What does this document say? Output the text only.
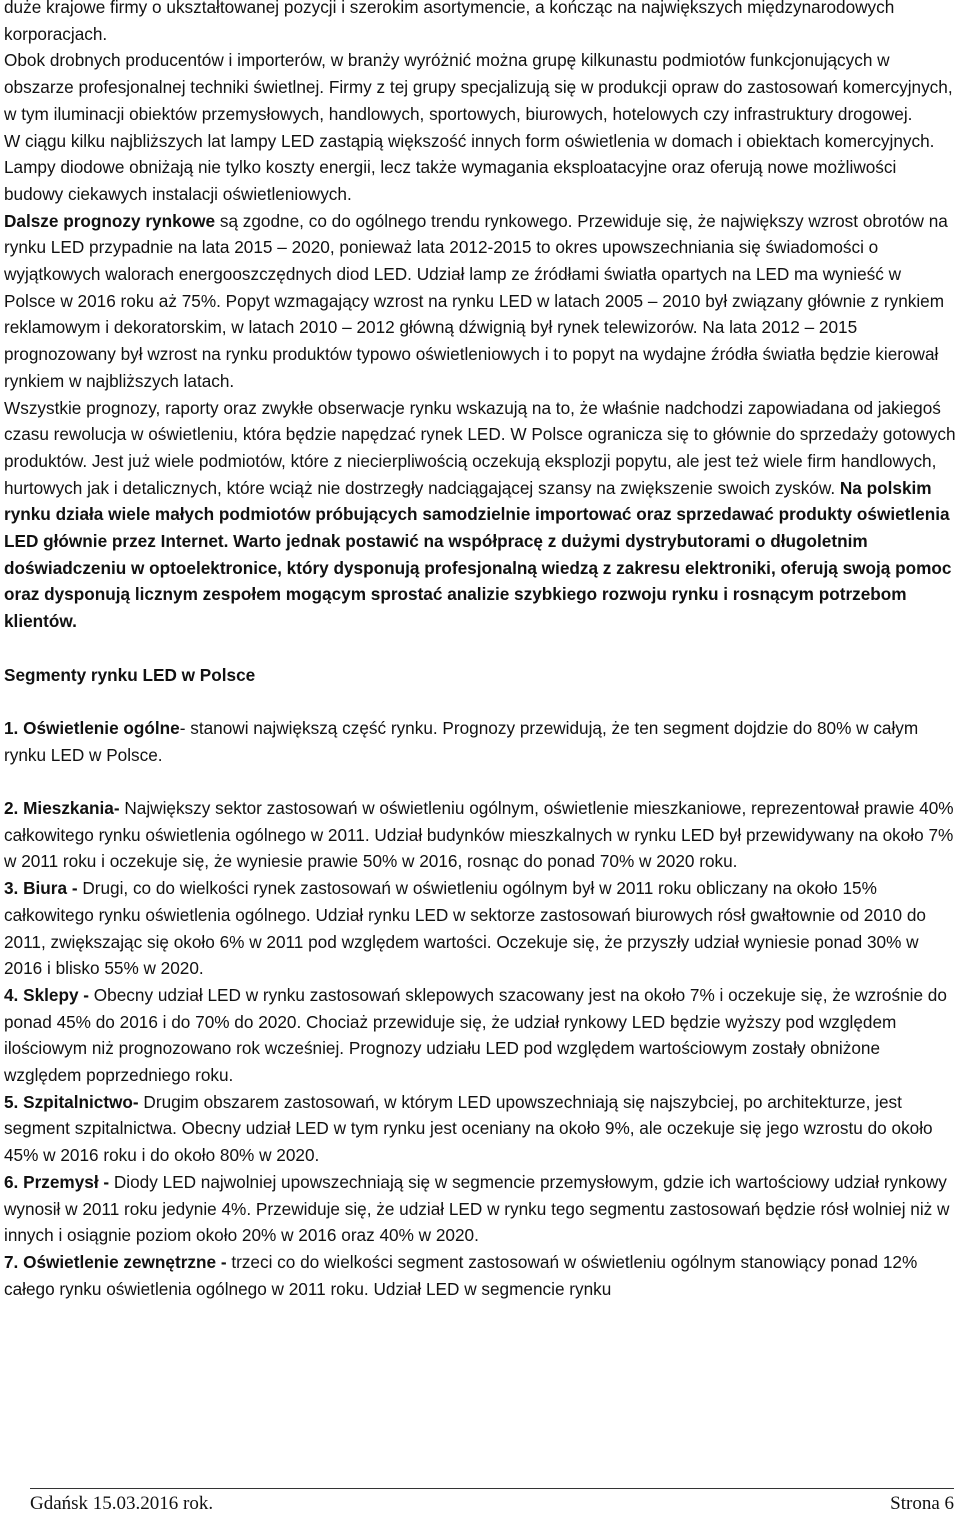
duże krajowe firmy o ukształtowanej pozycji i szerokim asortymencie, a kończąc na największych międzynarodowych korporacjach.

Obok drobnych producentów i importerów, w branży wyróżnić można grupę kilkunastu podmiotów funkcjonujących w obszarze profesjonalnej techniki świetlnej. Firmy z tej grupy specjalizują się w produkcji opraw do zastosowań komercyjnych, w tym iluminacji obiektów przemysłowych, handlowych, sportowych, biurowych, hotelowych czy infrastruktury drogowej.

W ciągu kilku najbliższych lat lampy LED zastąpią większość innych form oświetlenia w domach i obiektach komercyjnych. Lampy diodowe obniżają nie tylko koszty energii, lecz także wymagania eksploatacyjne oraz oferują nowe możliwości budowy ciekawych instalacji oświetleniowych.

Dalsze prognozy rynkowe są zgodne, co do ogólnego trendu rynkowego. Przewiduje się, że największy wzrost obrotów na rynku LED przypadnie na lata 2015 – 2020, ponieważ lata 2012-2015 to okres upowszechniania się świadomości o wyjątkowych walorach energooszczędnych diod LED. Udział lamp ze źródłami światła opartych na LED ma wynieść w Polsce w 2016 roku aż 75%. Popyt wzmagający wzrost na rynku LED w latach 2005 – 2010 był związany głównie z rynkiem reklamowym i dekoratorskim, w latach 2010 – 2012 główną dźwignią był rynek telewizorów. Na lata 2012 – 2015 prognozowany był wzrost na rynku produktów typowo oświetleniowych i to popyt na wydajne źródła światła będzie kierował rynkiem w najbliższych latach.

Wszystkie prognozy, raporty oraz zwykłe obserwacje rynku wskazują na to, że właśnie nadchodzi zapowiadana od jakiegoś czasu rewolucja w oświetleniu, która będzie napędzać rynek LED. W Polsce ogranicza się to głównie do sprzedaży gotowych produktów. Jest już wiele podmiotów, które z niecierpliwością oczekują eksplozji popytu, ale jest też wiele firm handlowych, hurtowych jak i detalicznych, które wciąż nie dostrzegły nadciągającej szansy na zwiększenie swoich zysków. Na polskim rynku działa wiele małych podmiotów próbujących samodzielnie importować oraz sprzedawać produkty oświetlenia LED głównie przez Internet. Warto jednak postawić na współpracę z dużymi dystrybutorami o długoletnim doświadczeniu w optoelektronice, który dysponują profesjonalną wiedzą z zakresu elektroniki, oferują swoją pomoc oraz dysponują licznym zespołem mogącym sprostać analizie szybkiego rozwoju rynku i rosnącym potrzebom klientów.

Segmenty rynku LED w Polsce

1. Oświetlenie ogólne- stanowi największą część rynku. Prognozy przewidują, że ten segment dojdzie do 80% w całym rynku LED w Polsce.

2. Mieszkania- Największy sektor zastosowań w oświetleniu ogólnym, oświetlenie mieszkaniowe, reprezentował prawie 40% całkowitego rynku oświetlenia ogólnego w 2011. Udział budynków mieszkalnych w rynku LED był przewidywany na około 7% w 2011 roku i oczekuje się, że wyniesie prawie 50% w 2016, rosnąc do ponad 70% w 2020 roku.

3. Biura - Drugi, co do wielkości rynek zastosowań w oświetleniu ogólnym był w 2011 roku obliczany na około 15% całkowitego rynku oświetlenia ogólnego. Udział rynku LED w sektorze zastosowań biurowych rósł gwałtownie od 2010 do 2011, zwiększając się około 6% w 2011 pod względem wartości. Oczekuje się, że przyszły udział wyniesie ponad 30% w 2016 i blisko 55% w 2020.

4. Sklepy - Obecny udział LED w rynku zastosowań sklepowych szacowany jest na około 7% i oczekuje się, że wzrośnie do ponad 45% do 2016 i do 70% do 2020. Chociaż przewiduje się, że udział rynkowy LED będzie wyższy pod względem ilościowym niż prognozowano rok wcześniej. Prognozy udziału LED pod względem wartościowym zostały obniżone względem poprzedniego roku.

5. Szpitalnictwo- Drugim obszarem zastosowań, w którym LED upowszechniają się najszybciej, po architekturze, jest segment szpitalnictwa. Obecny udział LED w tym rynku jest oceniany na około 9%, ale oczekuje się jego wzrostu do około 45% w 2016 roku i do około 80% w 2020.

6. Przemysł - Diody LED najwolniej upowszechniają się w segmencie przemysłowym, gdzie ich wartościowy udział rynkowy wynosił w 2011 roku jedynie 4%. Przewiduje się, że udział LED w rynku tego segmentu zastosowań będzie rósł wolniej niż w innych i osiągnie poziom około 20% w 2016 oraz 40% w 2020.

7. Oświetlenie zewnętrzne - trzeci co do wielkości segment zastosowań w oświetleniu ogólnym stanowiący ponad 12% całego rynku oświetlenia ogólnego w 2011 roku. Udział LED w segmencie rynku

Gdańsk 15.03.2016 rok.	Strona 6
